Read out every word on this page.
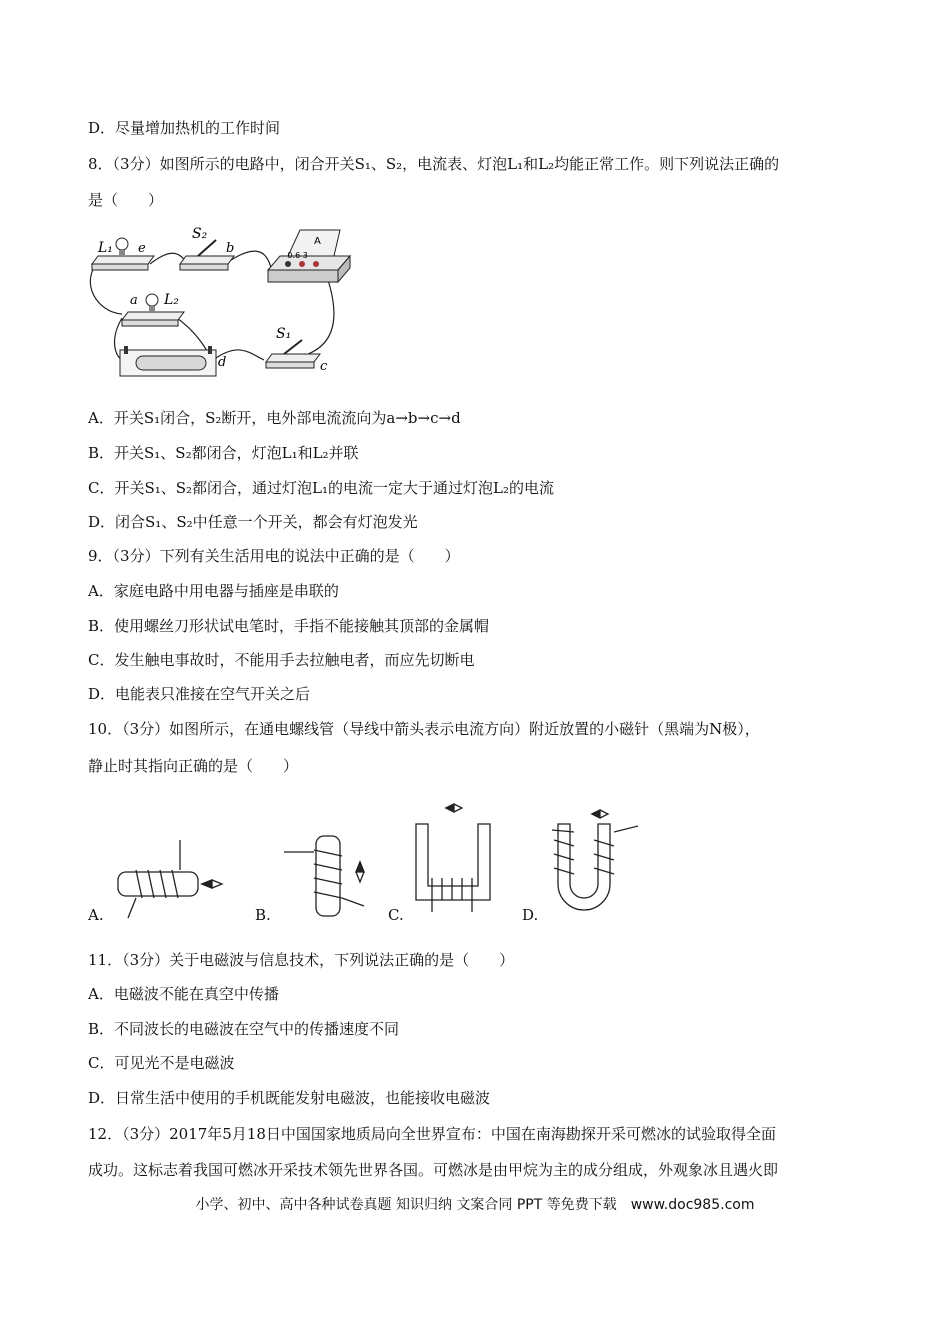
D．尽量增加热机的工作时间
8．（3分）如图所示的电路中，闭合开关S₁、S₂，电流表、灯泡L₁和L₂均能正常工作。则下列说法正确的
是（　　）
L₁ e
S₂
b	A
- 0.6 3
a L₂
d
S₁
c
A．开关S₁闭合，S₂断开，电外部电流流向为a→b→c→d
B．开关S₁、S₂都闭合，灯泡L₁和L₂并联
C．开关S₁、S₂都闭合，通过灯泡L₁的电流一定大于通过灯泡L₂的电流
D．闭合S₁、S₂中任意一个开关，都会有灯泡发光
9．（3分）下列有关生活用电的说法中正确的是（　　）
A．家庭电路中用电器与插座是串联的
B．使用螺丝刀形状试电笔时，手指不能接触其顶部的金属帽
C．发生触电事故时，不能用手去拉触电者，而应先切断电
D．电能表只准接在空气开关之后
10．（3分）如图所示，在通电螺线管（导线中箭头表示电流方向）附近放置的小磁针（黑端为N极），
静止时其指向正确的是（　　）
A.	B.	C.	D.
11．（3分）关于电磁波与信息技术，下列说法正确的是（　　）
A．电磁波不能在真空中传播
B．不同波长的电磁波在空气中的传播速度不同
C．可见光不是电磁波
D．日常生活中使用的手机既能发射电磁波，也能接收电磁波
12．（3分）2017年5月18日中国国家地质局向全世界宣布：中国在南海勘探开采可燃冰的试验取得全面
成功。这标志着我国可燃冰开采技术领先世界各国。可燃冰是由甲烷为主的成分组成，外观象冰且遇火即
小学、初中、高中各种试卷真题 知识归纳 文案合同 PPT 等免费下载　www.doc985.com
